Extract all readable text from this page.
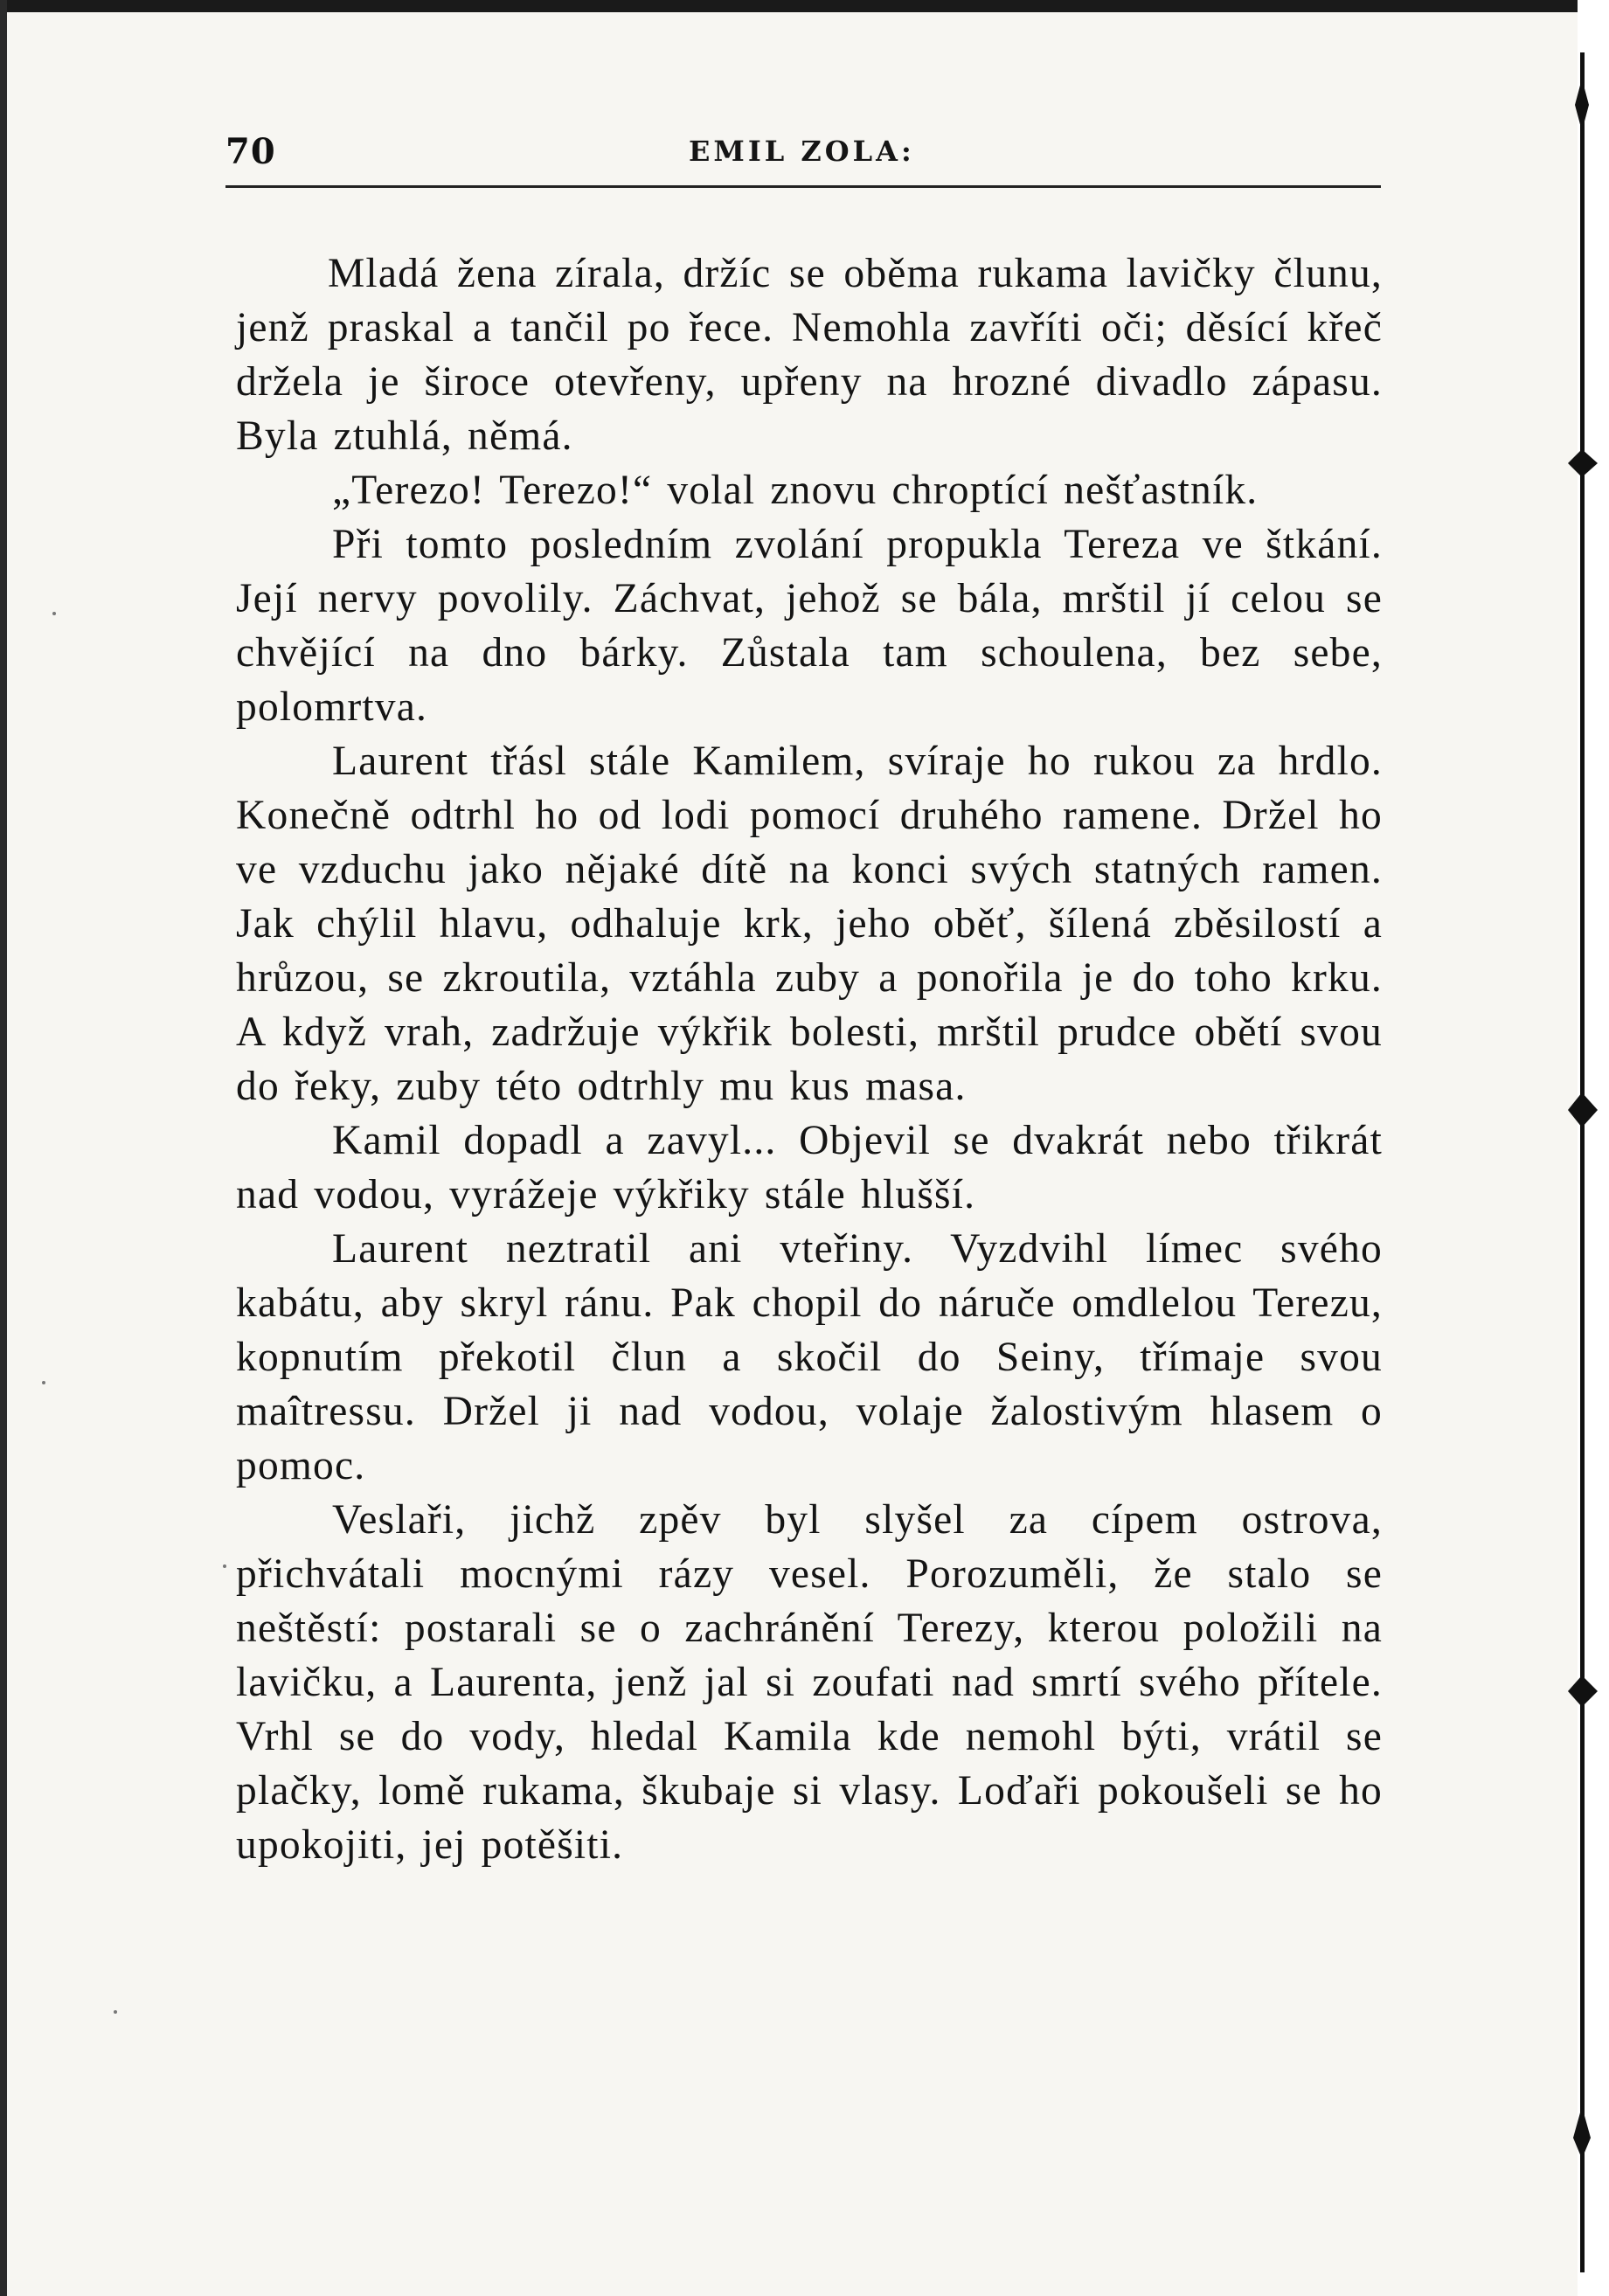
70	EMIL ZOLA:

Mladá žena zírala, držíc se oběma rukama lavičky člunu, jenž praskal a tančil po řece. Nemohla zavříti oči; děsící křeč držela je široce otevřeny, upřeny na hrozné divadlo zápasu. Byla ztuhlá, němá.

„Terezo! Terezo!“ volal znovu chroptící nešťastník.

Při tomto posledním zvolání propukla Tereza ve štkání. Její nervy povolily. Záchvat, jehož se bála, mrštil jí celou se chvějící na dno bárky. Zůstala tam schoulena, bez sebe, polomrtva.

Laurent třásl stále Kamilem, svíraje ho rukou za hrdlo. Konečně odtrhl ho od lodi pomocí druhého ramene. Držel ho ve vzduchu jako nějaké dítě na konci svých statných ramen. Jak chýlil hlavu, odhaluje krk, jeho oběť, šílená zběsilostí a hrůzou, se zkroutila, vztáhla zuby a ponořila je do toho krku. A když vrah, zadržuje výkřik bolesti, mrštil prudce obětí svou do řeky, zuby této odtrhly mu kus masa.

Kamil dopadl a zavyl... Objevil se dvakrát nebo třikrát nad vodou, vyrážeje výkřiky stále hlušší.

Laurent neztratil ani vteřiny. Vyzdvihl límec svého kabátu, aby skryl ránu. Pak chopil do náruče omdlelou Terezu, kopnutím překotil člun a skočil do Seiny, třímaje svou maîtressu. Držel ji nad vodou, volaje žalostivým hlasem o pomoc.

Veslaři, jichž zpěv byl slyšel za cípem ostrova, přichvátali mocnými rázy vesel. Porozuměli, že stalo se neštěstí: postarali se o zachránění Terezy, kterou položili na lavičku, a Laurenta, jenž jal si zoufati nad smrtí svého přítele. Vrhl se do vody, hledal Kamila kde nemohl býti, vrátil se plačky, lomě rukama, škubaje si vlasy. Loďaři pokoušeli se ho upokojiti, jej potěšiti.
